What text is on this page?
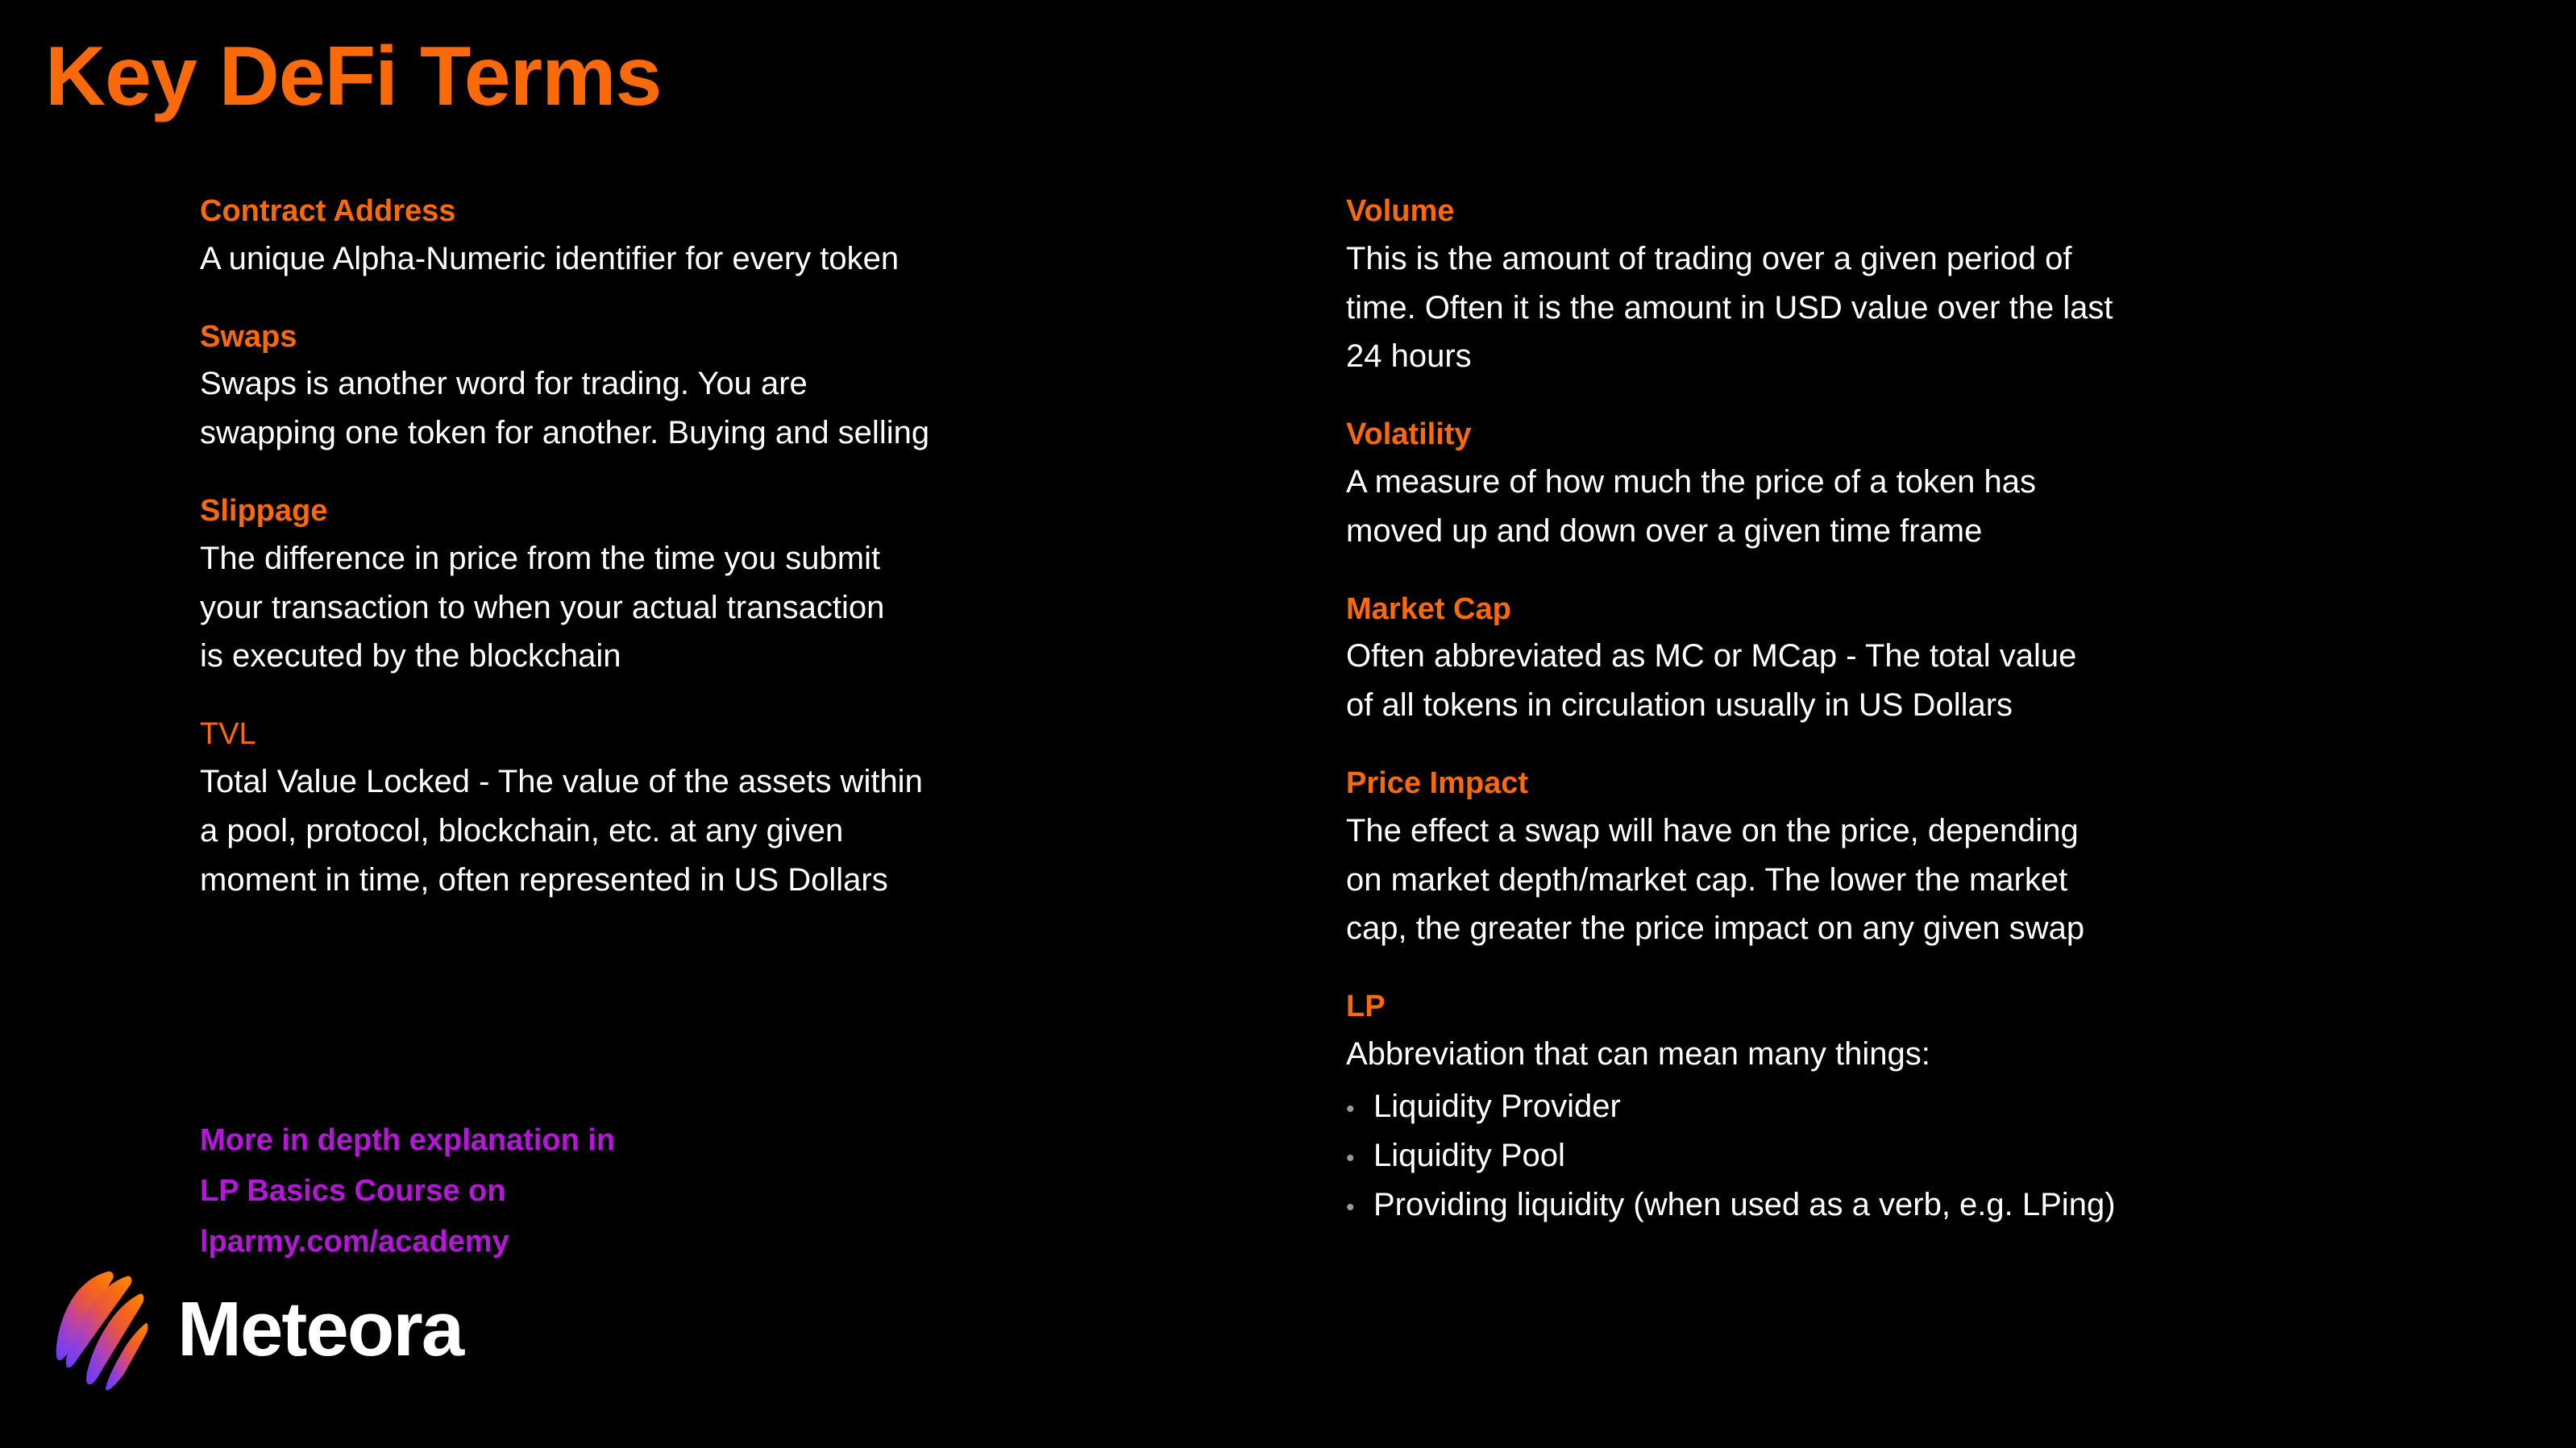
Key DeFi Terms
Contract Address
A unique Alpha-Numeric identifier for every token
Swaps
Swaps is another word for trading. You are
swapping one token for another. Buying and selling
Slippage
The difference in price from the time you submit
your transaction to when your actual transaction
is executed by the blockchain
TVL
Total Value Locked - The value of the assets within
a pool, protocol, blockchain, etc. at any given
moment in time, often represented in US Dollars
Volume
This is the amount of trading over a given period of
time. Often it is the amount in USD value over the last
24 hours
Volatility
A measure of how much the price of a token has
moved up and down over a given time frame
Market Cap
Often abbreviated as MC or MCap - The total value
of all tokens in circulation usually in US Dollars
Price Impact
The effect a swap will have on the price, depending
on market depth/market cap. The lower the market
cap, the greater the price impact on any given swap
LP
Abbreviation that can mean many things:
• Liquidity Provider
• Liquidity Pool
• Providing liquidity (when used as a verb, e.g. LPing)
More in depth explanation in
LP Basics Course on
lparmy.com/academy
Meteora
